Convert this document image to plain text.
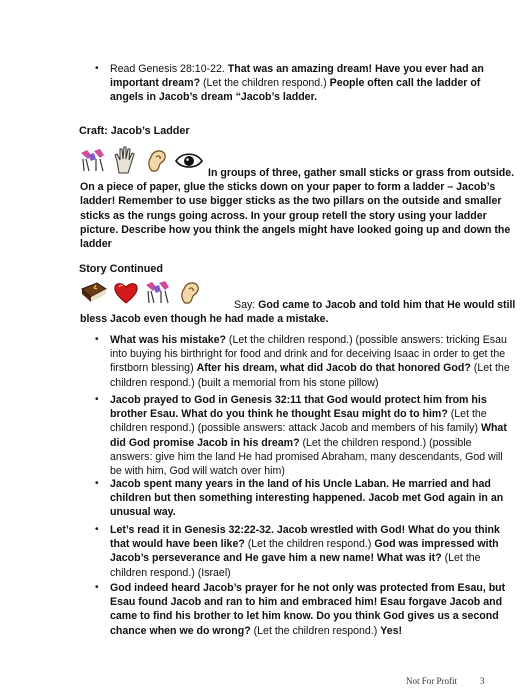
• Read Genesis 28:10-22. That was an amazing dream! Have you ever had an important dream? (Let the children respond.) People often call the ladder of angels in Jacob’s dream “Jacob’s ladder.
Craft: Jacob’s Ladder
In groups of three, gather small sticks or grass from outside. On a piece of paper, glue the sticks down on your paper to form a ladder – Jacob’s ladder! Remember to use bigger sticks as the two pillars on the outside and smaller sticks as the rungs going across. In your group retell the story using your ladder picture. Describe how you think the angels might have looked going up and down the ladder
Story Continued
Say: God came to Jacob and told him that He would still bless Jacob even though he had made a mistake.
• What was his mistake? (Let the children respond.) (possible answers: tricking Esau into buying his birthright for food and drink and for deceiving Isaac in order to get the firstborn blessing) After his dream, what did Jacob do that honored God? (Let the children respond.) (built a memorial from his stone pillow)
• Jacob prayed to God in Genesis 32:11 that God would protect him from his brother Esau. What do you think he thought Esau might do to him? (Let the children respond.) (possible answers: attack Jacob and members of his family) What did God promise Jacob in his dream? (Let the children respond.) (possible answers: give him the land He had promised Abraham, many descendants, God will be with him, God will watch over him)
• Jacob spent many years in the land of his Uncle Laban. He married and had children but then something interesting happened. Jacob met God again in an unusual way.
• Let’s read it in Genesis 32:22-32. Jacob wrestled with God! What do you think that would have been like? (Let the children respond.) God was impressed with Jacob’s perseverance and He gave him a new name! What was it? (Let the children respond.) (Israel)
• God indeed heard Jacob’s prayer for he not only was protected from Esau, but Esau found Jacob and ran to him and embraced him! Esau forgave Jacob and came to find his brother to let him know. Do you think God gives us a second chance when we do wrong? (Let the children respond.) Yes!
Not For Profit	3
